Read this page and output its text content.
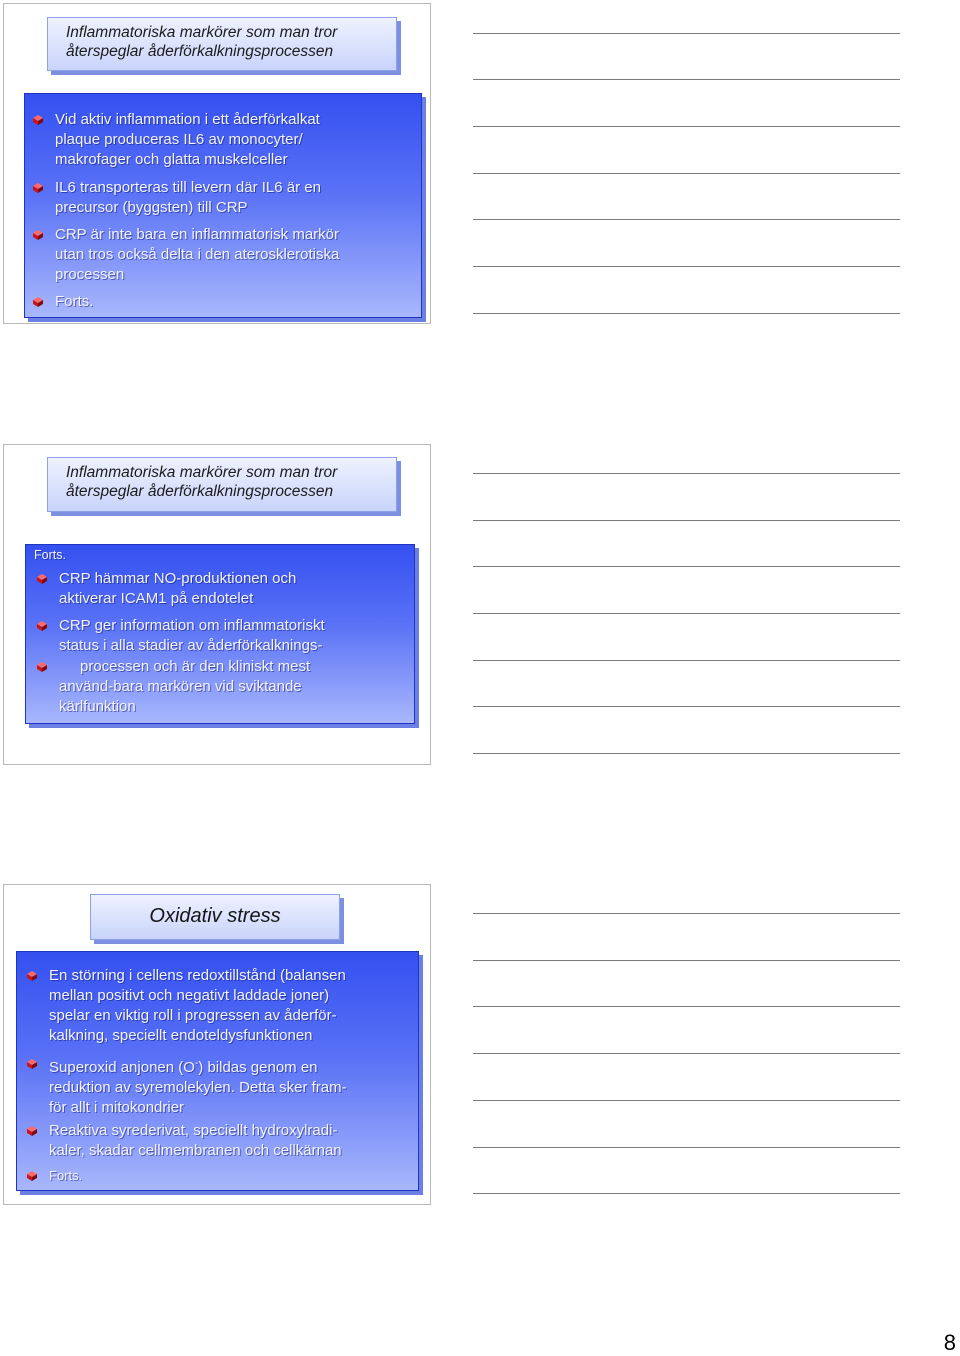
Inflammatoriska markörer som man tror
återspeglar åderförkalkningsprocessen
Vid aktiv inflammation i ett åderförkalkat
plaque produceras IL6 av monocyter/
makrofager och glatta muskelceller
IL6 transporteras till levern där IL6 är en
precursor (byggsten) till CRP
CRP är inte bara en inflammatorisk markör
utan tros också delta i den aterosklerotiska
processen
Forts.
Inflammatoriska markörer som man tror
återspeglar åderförkalkningsprocessen
Forts.
CRP hämmar NO-produktionen och
aktiverar ICAM1 på endotelet
CRP ger information om inflammatoriskt
status i alla stadier av åderförkalknings-
processen och är den kliniskt mest
använd-bara markören vid sviktande
kärlfunktion
Oxidativ stress
En störning i cellens redoxtillstånd (balansen
mellan positivt och negativt laddade joner)
spelar en viktig roll i progressen av åderför-
kalkning, speciellt endoteldysfunktionen
Superoxid anjonen (O-) bildas genom en
reduktion av syremolekylen. Detta sker fram-
för allt i mitokondrier
Reaktiva syrederivat, speciellt hydroxylradi-
kaler, skadar cellmembranen och cellkärnan
Forts.
8
